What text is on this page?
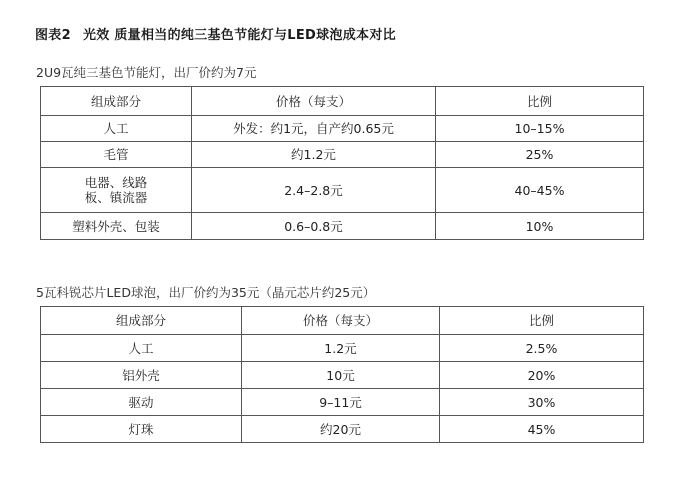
图表2 光效 质量相当的纯三基色节能灯与LED球泡成本对比
2U9瓦纯三基色节能灯，出厂价约为7元
组成部分	价格（每支）	比例
人工	外发：约1元，自产约0.65元	10–15%
毛管	约1.2元	25%
电器、线路
板、镇流器	2.4–2.8元	40–45%
塑料外壳、包装	0.6–0.8元	10%
5瓦科锐芯片LED球泡，出厂价约为35元（晶元芯片约25元）
组成部分	价格（每支）	比例
人工	1.2元	2.5%
铝外壳	10元	20%
驱动	9–11元	30%
灯珠	约20元	45%
